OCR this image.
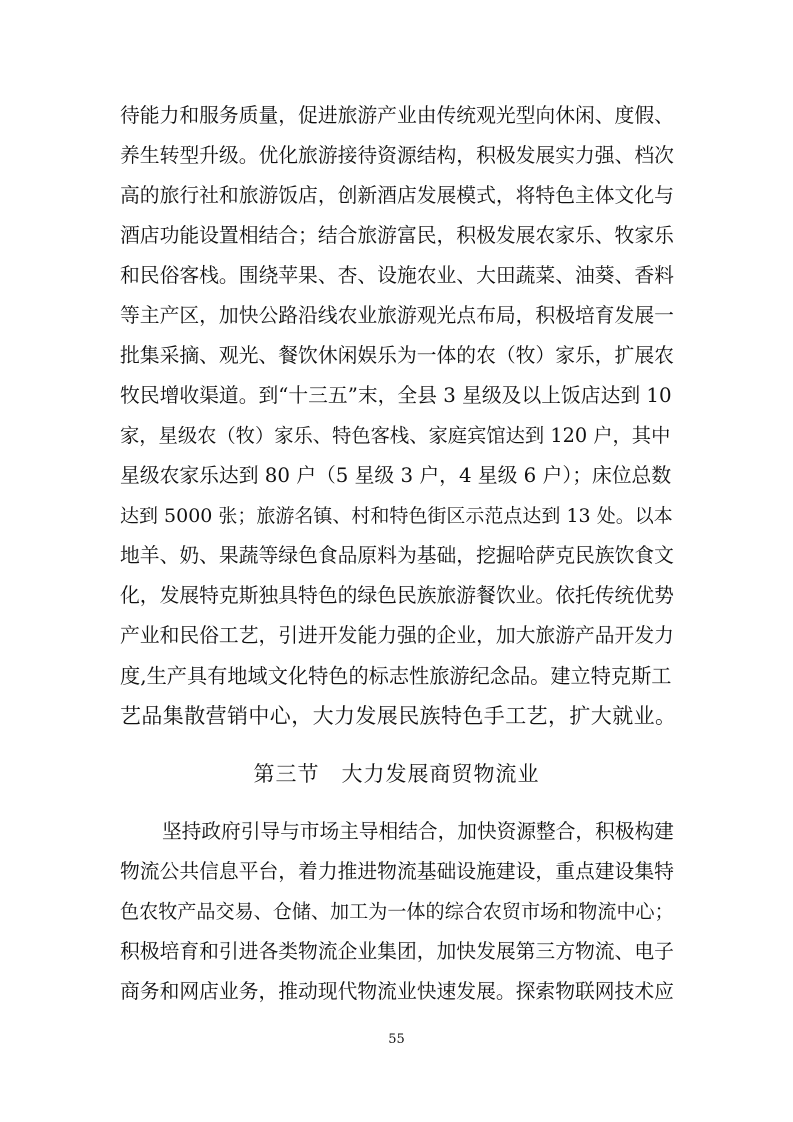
待能力和服务质量，促进旅游产业由传统观光型向休闲、度假、
养生转型升级。优化旅游接待资源结构，积极发展实力强、档次
高的旅行社和旅游饭店，创新酒店发展模式，将特色主体文化与
酒店功能设置相结合；结合旅游富民，积极发展农家乐、牧家乐
和民俗客栈。围绕苹果、杏、设施农业、大田蔬菜、油葵、香料
等主产区，加快公路沿线农业旅游观光点布局，积极培育发展一
批集采摘、观光、餐饮休闲娱乐为一体的农（牧）家乐，扩展农
牧民增收渠道。到“十三五”末，全县 3 星级及以上饭店达到 10
家，星级农（牧）家乐、特色客栈、家庭宾馆达到 120 户，其中
星级农家乐达到 80 户（5 星级 3 户，4 星级 6 户）；床位总数
达到 5000 张；旅游名镇、村和特色街区示范点达到 13 处。以本
地羊、奶、果蔬等绿色食品原料为基础，挖掘哈萨克民族饮食文
化，发展特克斯独具特色的绿色民族旅游餐饮业。依托传统优势
产业和民俗工艺，引进开发能力强的企业，加大旅游产品开发力
度,生产具有地域文化特色的标志性旅游纪念品。建立特克斯工
艺品集散营销中心，大力发展民族特色手工艺，扩大就业。
第三节　大力发展商贸物流业
坚持政府引导与市场主导相结合，加快资源整合，积极构建
物流公共信息平台，着力推进物流基础设施建设，重点建设集特
色农牧产品交易、仓储、加工为一体的综合农贸市场和物流中心；
积极培育和引进各类物流企业集团，加快发展第三方物流、电子
商务和网店业务，推动现代物流业快速发展。探索物联网技术应
55
